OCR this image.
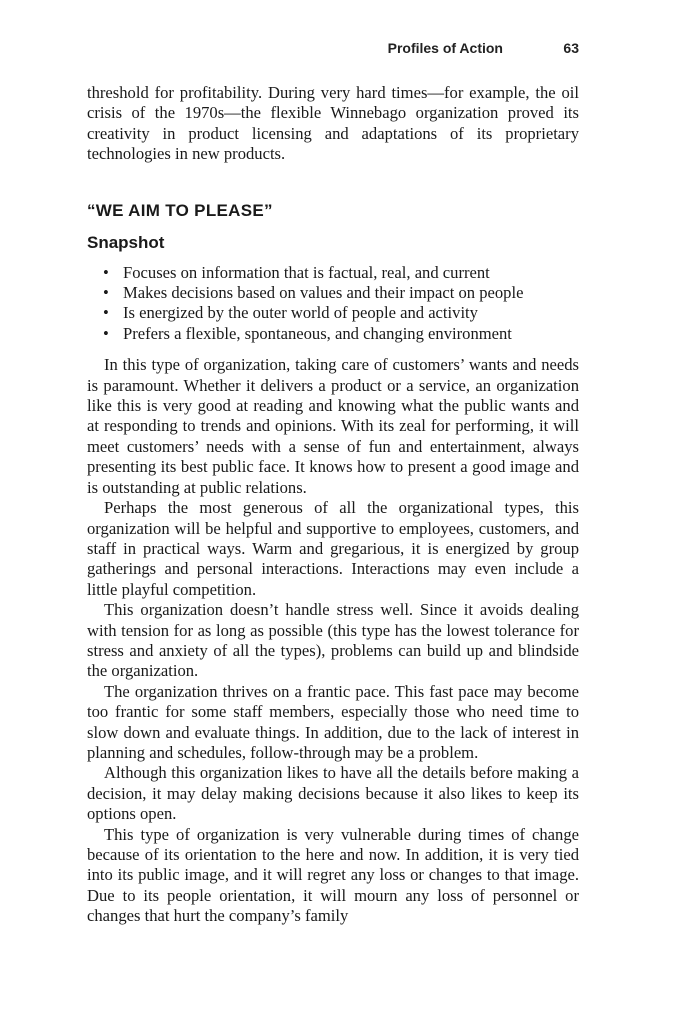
Profiles of Action	63

threshold for profitability. During very hard times—for example, the oil crisis of the 1970s—the flexible Winnebago organization proved its creativity in product licensing and adaptations of its proprietary technologies in new products.

“WE AIM TO PLEASE”
Snapshot
• Focuses on information that is factual, real, and current
• Makes decisions based on values and their impact on people
• Is energized by the outer world of people and activity
• Prefers a flexible, spontaneous, and changing environment

In this type of organization, taking care of customers’ wants and needs is paramount. Whether it delivers a product or a service, an organization like this is very good at reading and knowing what the public wants and at responding to trends and opinions. With its zeal for performing, it will meet customers’ needs with a sense of fun and entertainment, always presenting its best public face. It knows how to present a good image and is outstanding at public relations.

Perhaps the most generous of all the organizational types, this organization will be helpful and supportive to employees, customers, and staff in practical ways. Warm and gregarious, it is energized by group gatherings and personal interactions. Interactions may even include a little playful competition.

This organization doesn’t handle stress well. Since it avoids dealing with tension for as long as possible (this type has the lowest tolerance for stress and anxiety of all the types), problems can build up and blindside the organization.

The organization thrives on a frantic pace. This fast pace may become too frantic for some staff members, especially those who need time to slow down and evaluate things. In addition, due to the lack of interest in planning and schedules, follow-through may be a problem.

Although this organization likes to have all the details before making a decision, it may delay making decisions because it also likes to keep its options open.

This type of organization is very vulnerable during times of change because of its orientation to the here and now. In addition, it is very tied into its public image, and it will regret any loss or changes to that image. Due to its people orientation, it will mourn any loss of personnel or changes that hurt the company’s family
